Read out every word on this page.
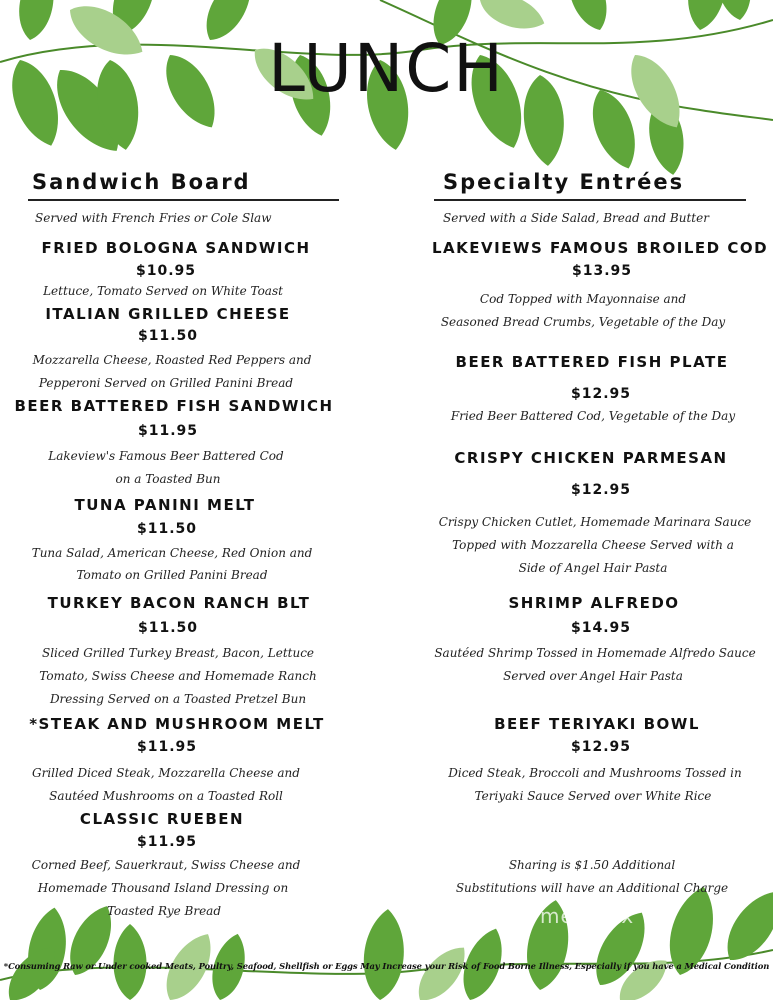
LUNCH
Sandwich Board
Served with French Fries or Cole Slaw
FRIED BOLOGNA SANDWICH
$10.95
Lettuce, Tomato Served on White Toast
ITALIAN GRILLED CHEESE
$11.50
Mozzarella Cheese, Roasted Red Peppers and
Pepperoni Served on Grilled Panini Bread
BEER BATTERED FISH SANDWICH
$11.95
Lakeview's Famous Beer Battered Cod
on a Toasted Bun
TUNA PANINI MELT
$11.50
Tuna Salad, American Cheese, Red Onion and
Tomato on Grilled Panini Bread
TURKEY BACON RANCH BLT
$11.50
Sliced Grilled Turkey Breast, Bacon, Lettuce
Tomato, Swiss Cheese and Homemade Ranch
Dressing Served on a Toasted Pretzel Bun
*STEAK AND MUSHROOM MELT
$11.95
Grilled Diced Steak, Mozzarella Cheese and
Sautéed Mushrooms on a Toasted Roll
CLASSIC RUEBEN
$11.95
Corned Beef, Sauerkraut, Swiss Cheese and
Homemade Thousand Island Dressing on
Toasted Rye Bread
Specialty Entrées
Served with a Side Salad, Bread and Butter
LAKEVIEWS FAMOUS BROILED COD
$13.95
Cod Topped with Mayonnaise and
Seasoned Bread Crumbs, Vegetable of the Day
BEER BATTERED FISH PLATE
$12.95
Fried Beer Battered Cod, Vegetable of the Day
CRISPY CHICKEN PARMESAN
$12.95
Crispy Chicken Cutlet, Homemade Marinara Sauce
Topped with Mozzarella Cheese Served with a
Side of Angel Hair Pasta
SHRIMP ALFREDO
$14.95
Sautéed Shrimp Tossed in Homemade Alfredo Sauce
Served over Angel Hair Pasta
BEEF TERIYAKI BOWL
$12.95
Diced Steak, Broccoli and Mushrooms Tossed in
Teriyaki Sauce Served over White Rice
Sharing is $1.50 Additional
Substitutions will have an Additional Charge
menupix
*Consuming Raw or Under cooked Meats, Poultry, Seafood, Shellfish or Eggs May Increase your Risk of Food Borne Illness, Especially if you have a Medical Condition
